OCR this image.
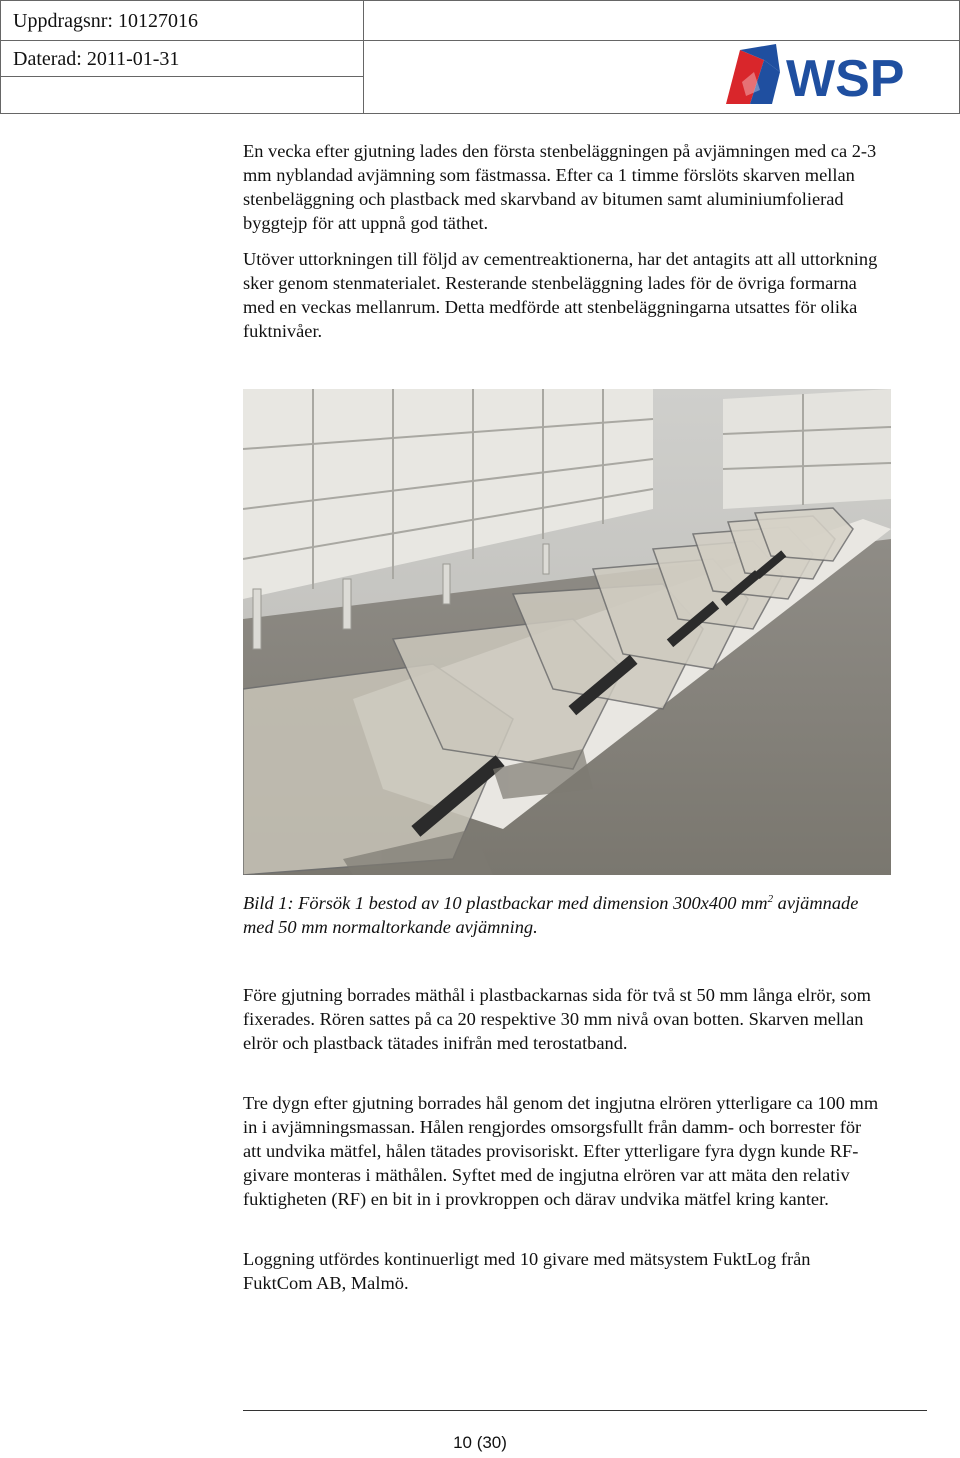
Uppdragsnr: 10127016
Daterad: 2011-01-31	WSP

En vecka efter gjutning lades den första stenbeläggningen på avjämningen med ca 2-3 mm nyblandad avjämning som fästmassa. Efter ca 1 timme förslöts skarven mellan stenbeläggning och plastback med skarvband av bitumen samt aluminiumfolierad byggtejp för att uppnå god täthet.

Utöver uttorkningen till följd av cementreaktionerna, har det antagits att all uttorkning sker genom stenmaterialet. Resterande stenbeläggning lades för de övriga formarna med en veckas mellanrum. Detta medförde att stenbeläggningarna utsattes för olika fuktnivåer.

Bild 1: Försök 1 bestod av 10 plastbackar med dimension 300x400 $mm^2$ avjämnade med 50 mm normaltorkande avjämning.

Före gjutning borrades mäthål i plastbackarnas sida för två st 50 mm långa elrör, som fixerades. Rören sattes på ca 20 respektive 30 mm nivå ovan botten. Skarven mellan elrör och plastback tätades inifrån med terostatband.

Tre dygn efter gjutning borrades hål genom det ingjutna elrören ytterligare ca 100 mm in i avjämningsmassan. Hålen rengjordes omsorgsfullt från damm- och borrester för att undvika mätfel, hålen tätades provisoriskt. Efter ytterligare fyra dygn kunde RF-givare monteras i mäthålen. Syftet med de ingjutna elrören var att mäta den relativ fuktigheten (RF) en bit in i provkroppen och därav undvika mätfel kring kanter.

Loggning utfördes kontinuerligt med 10 givare med mätsystem FuktLog från FuktCom AB, Malmö.

10 (30)
